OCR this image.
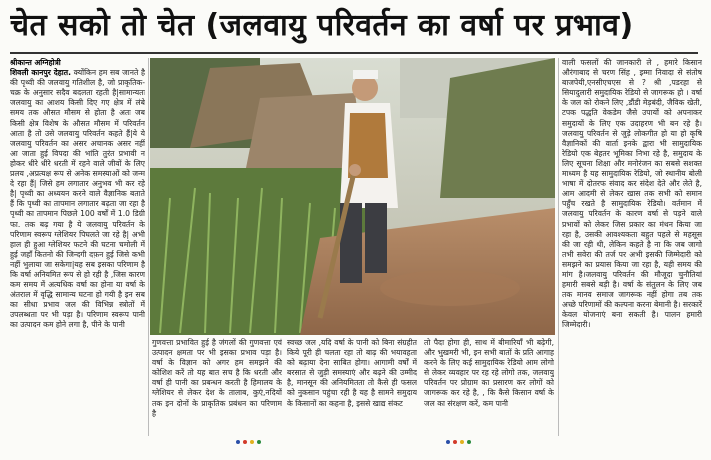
चेत सको तो चेत (जलवायु परिवर्तन का वर्षा पर प्रभाव)
श्रीकान्त अग्निहोत्री
शिवली कानपुर देहात. क्योंकिन हम सब जानते है की पृथ्वी की जलवायु गतिशील है, जो प्राकृतिक-चक्र के अनुसार सदैव बदलता रहती है|सामान्यतः जलवायु का आशय किसी दिए गए क्षेत्र में लंबे समय तक औसत मौसम से होता है अतः जब किसी क्षेत्र विशेष के औसत मौसम में परिवर्तन आता है तो उसे जलवायु परिवर्तन कहते हैं|ये ये जलवायु परिवर्तन का असर अचानक असर नहीं आ जाता हुई विपदा की भांति तुरंत प्रभावी न होकर धीरे धीरे धरती में रहने वाले जीवों के लिए प्रलय ,अप्रत्यक्ष रूप से अनेक समस्याओं को जन्म दे रहा हैं| जिसे हम लगातार अनुभव भी कर रहे है| पृथ्वी का अध्ययन करने वाले वैज्ञानिक बताते हैं कि पृथ्वी का तापमान लगातार बढ़ता जा रहा है पृथ्वी का तापमान पिछले 100 वर्षों में 1.0 डिग्री फा. तक बढ़ गया है ये जलवायु परिवर्तन के परिणाम स्वरूप ग्लेशियर पिघलते जा रहे है| अभी हाल ही हुआ ग्लेशियर फटने की घटना चमोली में हुई जहाँ कितनो की जिन्दगी दफ़न हुई जिसे कभी नहीं भुलाया जा सकेगा|यह सब इसका परिणाम है कि वर्षा अनियमित रूप से हो रही है ,जिस कारण कम समय में अत्यधिक वर्षा का होना या वर्षा के अंतराल में वृद्धि सामान्य घटना हो गयी है इन सब का सीधा प्रभाव जल की विभिन्न स्त्रोतों में उपलब्धता पर भी पड़ा है। परिणाम स्वरूप पानी का उत्पादन कम होने लगा है, पीने के पानी
गुणवत्ता प्रभावित हुई है जंगलों की गुणवत्ता एवं उत्पादन क्षमता पर भी इसका प्रभाव पड़ा है। वर्षा के विज्ञान को अगर हम समझने की कोशिश करें तो यह बात सच है कि धरती और वर्षा ही पानी का प्रबन्धन करती है हिमालय के ग्लेशियर से लेकर देश के तालाब, कुएं,नदियों तक इन दोनों के प्राकृतिक प्रबंधन का परिणाम है
स्वच्छ जल ,यदि वर्षा के पानी को बिना संग्रहीत किये पूरी ही चलता रहा तो बाढ़ की भयावहता को बढ़ाया देना साबित होगा। आगामी वर्षों में बरसात से जुड़ी समस्याएं और बढ़ने की उम्मीद है, मानसून की अनियमितता तो कैसे ही फसल को नुकसान पहुंचा रही है यह है सामने समुदाय के किसानों का कहना है, इससे खाद्य संकट
तो पैदा होगा ही, साथ में बीमारियाँ भी बढ़ेगी, और भुखमरी भी, इन सभी बातों के प्रति आगाह करने के लिए कई सामुदायिक रेडियो आम लोगो से लेकर व्यवहार पर रह रहे लोगो तक, जलवायु परिवर्तन पर प्रोग्राम का प्रसारण कर लोगों को जागरूक कर रहे है, , कि कैसे किसान वर्षा के जल का संरक्षण करें, कम पानी
वाली फसलों की जानकारी ले , हमारे किसान औरंगाबाद से चरण सिंह , इम्मा निवादा से संतोष बाजपेयी,एनसीएचएस से ? श्री ,पडरहा से सियादुलारी समुदायिक रेडियो से जागरूक हो । वर्षा के जल को रोकने लिए ,डौंडी मेड़बंदी, जैविक खेती, टपक पद्धति वेकडेम जैसे उपायों को अपनाकर समुदायों के लिए एक उदाहरण भी बन रहे है। जलवायु परिवर्तन से जुड़े लोकगीत हो या हो कृषि वैज्ञानिकों की वार्ता इनके द्वारा भी सामुदायिक रेडियो एक बेहतर भूमिका निभा रहे है, समुदाय के लिए सूचना शिक्षा और मनोरंजन का सबसे सशक्त माध्यम है यह सामुदायिक रेडियो, जो स्थानीय बोली भाषा में दोतरफ संवाद कर संदेश देते और लेते है, आम आदमी से लेकर खास तक सभी को समान पहुँच रखते है सामुदायिक रेडियो। वर्तमान में जलवायु परिवर्तन के कारण वर्षा से पड़ने वाले प्रभावों को लेकर जिस प्रकार का मंथन किया जा रहा है, उसकी आवश्यकता बहुत पहले से महसूस की जा रही थी, लेकिन कहते है ना कि जब जागो तभी सवेरा की तर्ज पर अभी इसकी जिम्मेदारी को समझने का प्रयास किया जा रहा है, यही समय की मांग है।जलवायु परिवर्तन की मौजूदा चुनौतियां हमारी सबसे बड़ी है। वर्षा के संतुलन के लिए जब तक मानव समाज जागरूक नहीं होगा तब तक अच्छे परिणामों की कल्पना करना बेमानी है। सरकारें केवल योजनाएं बना सकती है। पालन हमारी जिम्मेदारी।
